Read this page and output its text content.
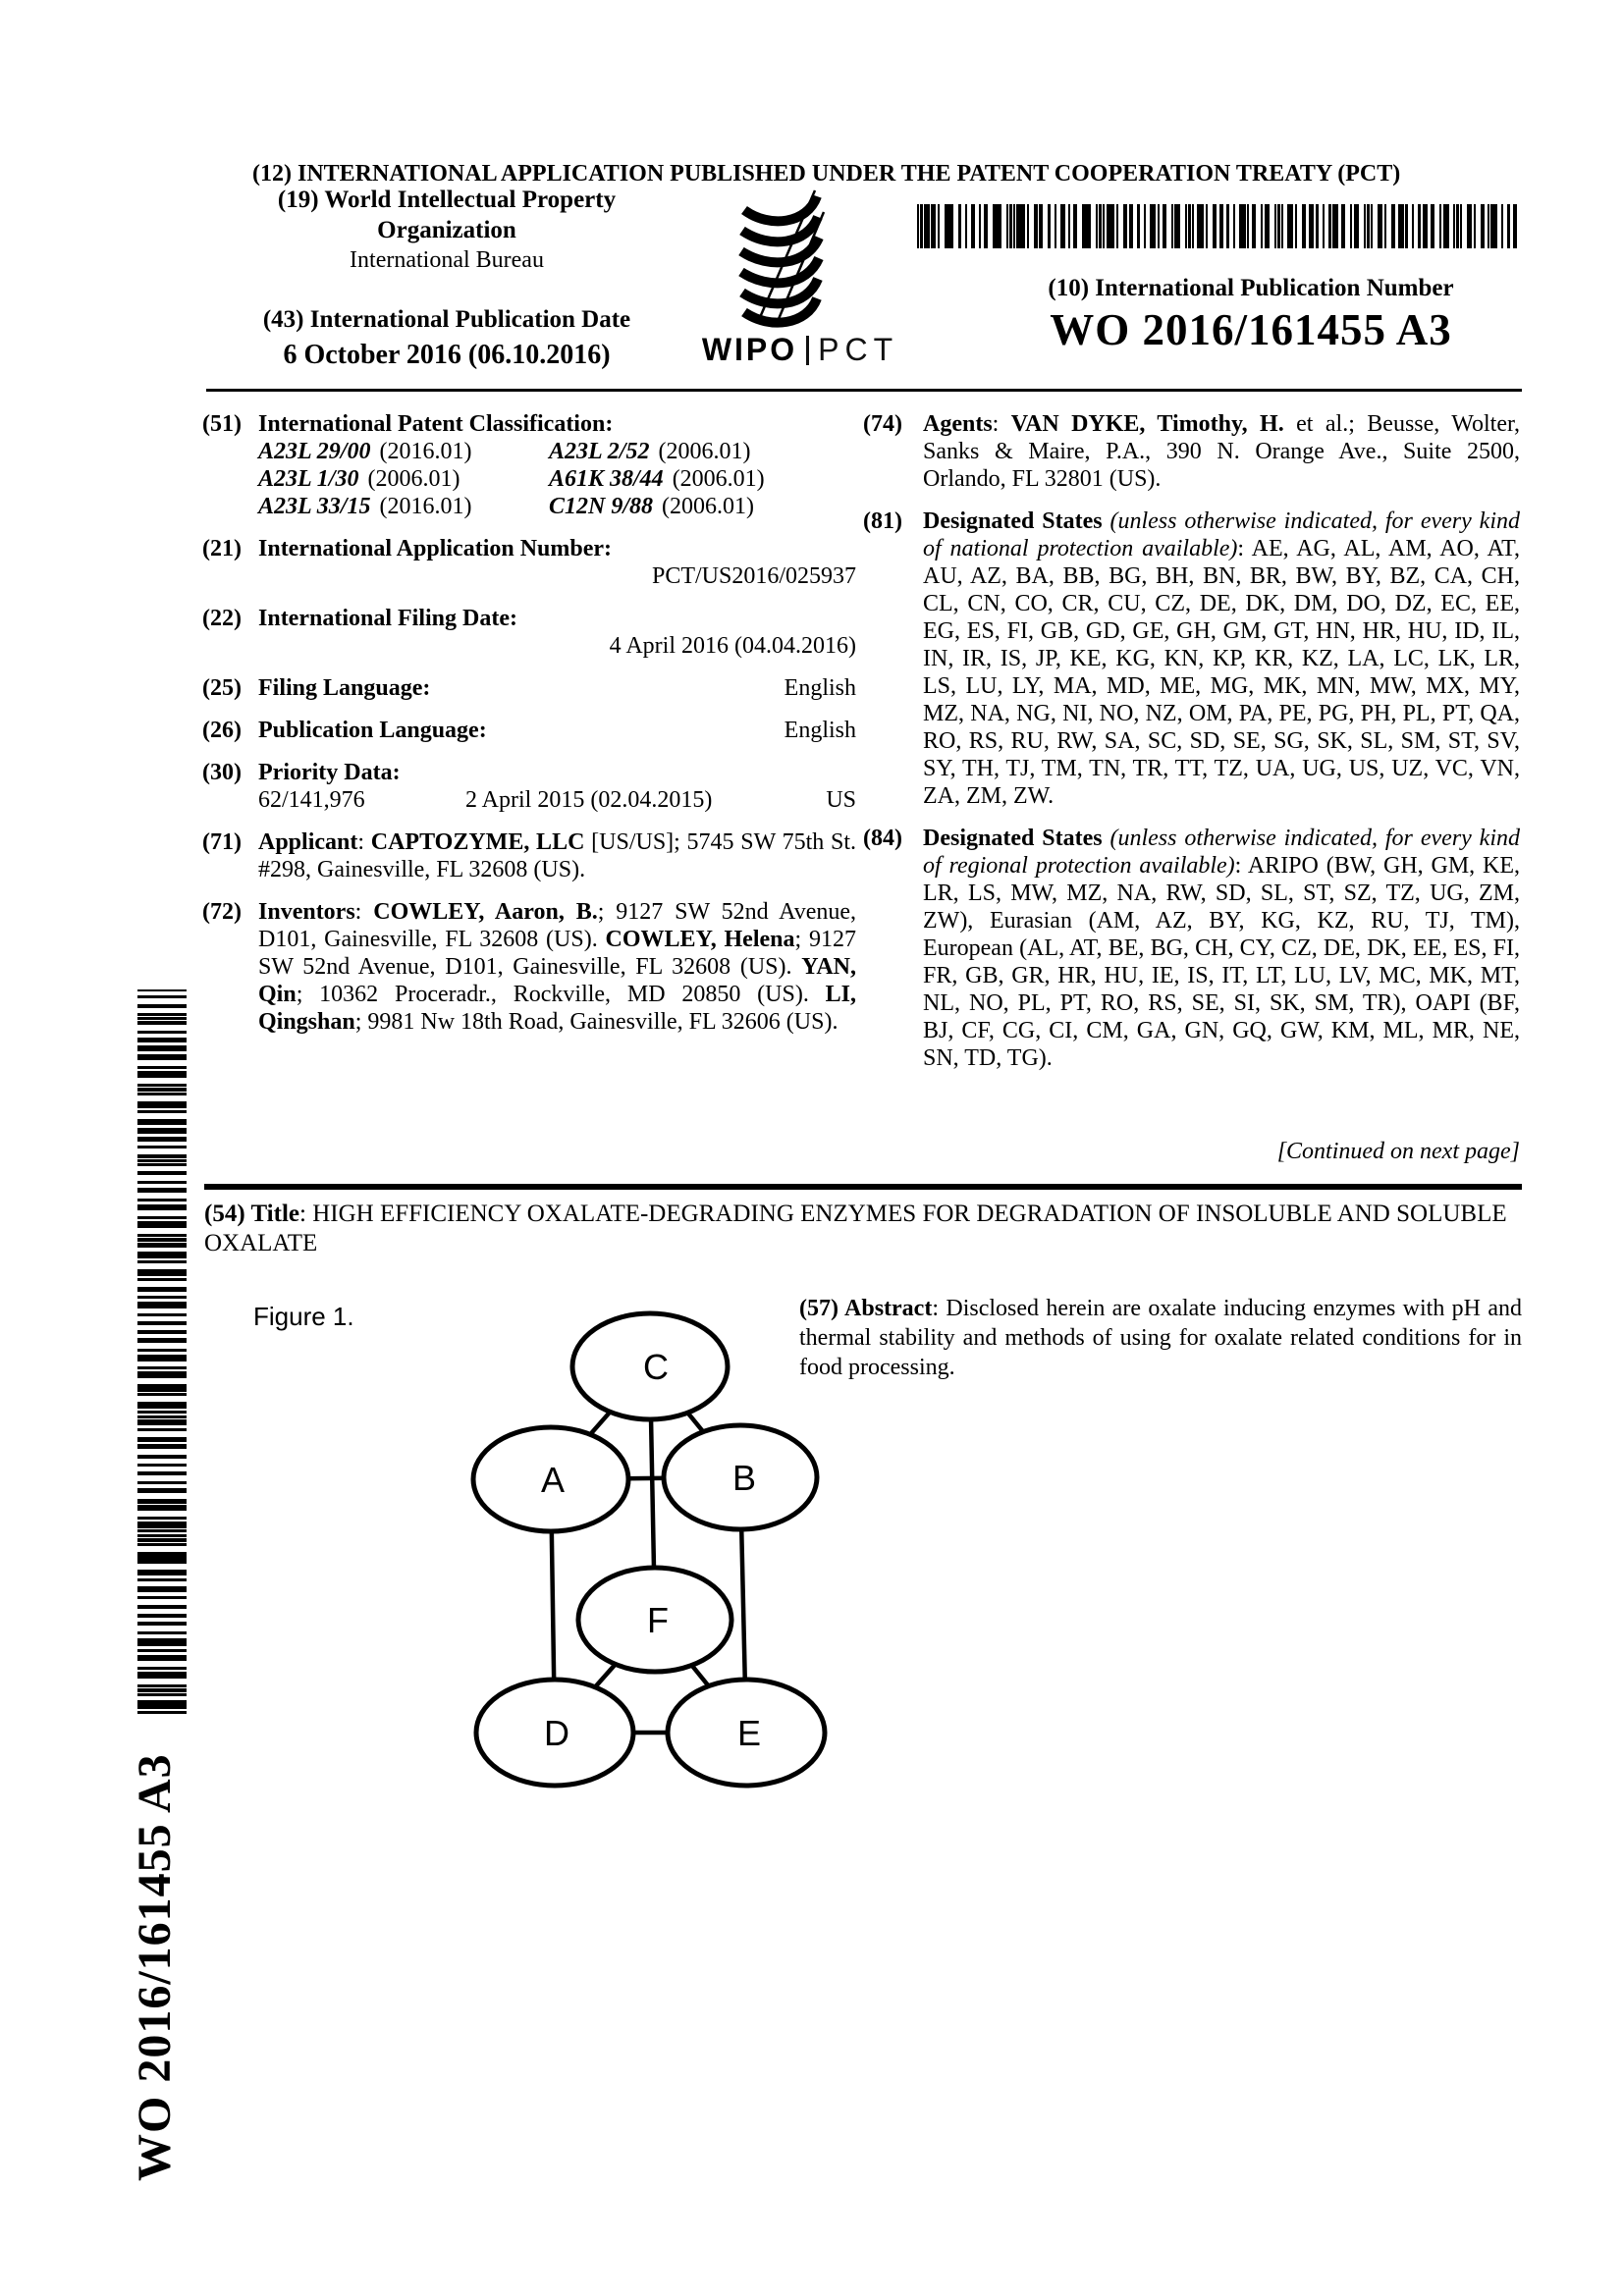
(12) INTERNATIONAL APPLICATION PUBLISHED UNDER THE PATENT COOPERATION TREATY (PCT)
(19) World Intellectual Property
Organization
International Bureau
(43) International Publication Date
6 October 2016 (06.10.2016)	WIPO PCT
(10) International Publication Number
WO 2016/161455 A3
(51) International Patent Classification:
A23L 29/00 (2016.01)	A23L 2/52 (2006.01)
A23L 1/30 (2006.01)	A61K 38/44 (2006.01)
A23L 33/15 (2016.01)	C12N 9/88 (2006.01)
(21) International Application Number:
PCT/US2016/025937
(22) International Filing Date:
4 April 2016 (04.04.2016)
(25) Filing Language:	English
(26) Publication Language:	English
(30) Priority Data:
62/141,976	2 April 2015 (02.04.2015)	US
(71) Applicant: CAPTOZYME, LLC [US/US]; 5745 SW 75th St. #298, Gainesville, FL 32608 (US).
(72) Inventors: COWLEY, Aaron, B.; 9127 SW 52nd Avenue, D101, Gainesville, FL 32608 (US). COWLEY, Helena; 9127 SW 52nd Avenue, D101, Gainesville, FL 32608 (US). YAN, Qin; 10362 Proceradr., Rockville, MD 20850 (US). LI, Qingshan; 9981 Nw 18th Road, Gainesville, FL 32606 (US).
(74) Agents: VAN DYKE, Timothy, H. et al.; Beusse, Wolter, Sanks & Maire, P.A., 390 N. Orange Ave., Suite 2500, Orlando, FL 32801 (US).
(81) Designated States (unless otherwise indicated, for every kind of national protection available): AE, AG, AL, AM, AO, AT, AU, AZ, BA, BB, BG, BH, BN, BR, BW, BY, BZ, CA, CH, CL, CN, CO, CR, CU, CZ, DE, DK, DM, DO, DZ, EC, EE, EG, ES, FI, GB, GD, GE, GH, GM, GT, HN, HR, HU, ID, IL, IN, IR, IS, JP, KE, KG, KN, KP, KR, KZ, LA, LC, LK, LR, LS, LU, LY, MA, MD, ME, MG, MK, MN, MW, MX, MY, MZ, NA, NG, NI, NO, NZ, OM, PA, PE, PG, PH, PL, PT, QA, RO, RS, RU, RW, SA, SC, SD, SE, SG, SK, SL, SM, ST, SV, SY, TH, TJ, TM, TN, TR, TT, TZ, UA, UG, US, UZ, VC, VN, ZA, ZM, ZW.
(84) Designated States (unless otherwise indicated, for every kind of regional protection available): ARIPO (BW, GH, GM, KE, LR, LS, MW, MZ, NA, RW, SD, SL, ST, SZ, TZ, UG, ZM, ZW), Eurasian (AM, AZ, BY, KG, KZ, RU, TJ, TM), European (AL, AT, BE, BG, CH, CY, CZ, DE, DK, EE, ES, FI, FR, GB, GR, HR, HU, IE, IS, IT, LT, LU, LV, MC, MK, MT, NL, NO, PL, PT, RO, RS, SE, SI, SK, SM, TR), OAPI (BF, BJ, CF, CG, CI, CM, GA, GN, GQ, GW, KM, ML, MR, NE, SN, TD, TG).
[Continued on next page]
(54) Title: HIGH EFFICIENCY OXALATE-DEGRADING ENZYMES FOR DEGRADATION OF INSOLUBLE AND SOLUBLE
OXALATE
(57) Abstract: Disclosed herein are oxalate inducing enzymes with pH and thermal stability and methods of using for oxalate related conditions for in food processing.
Figure 1.
C
A	B
F
D	E
WO 2016/161455 A3
